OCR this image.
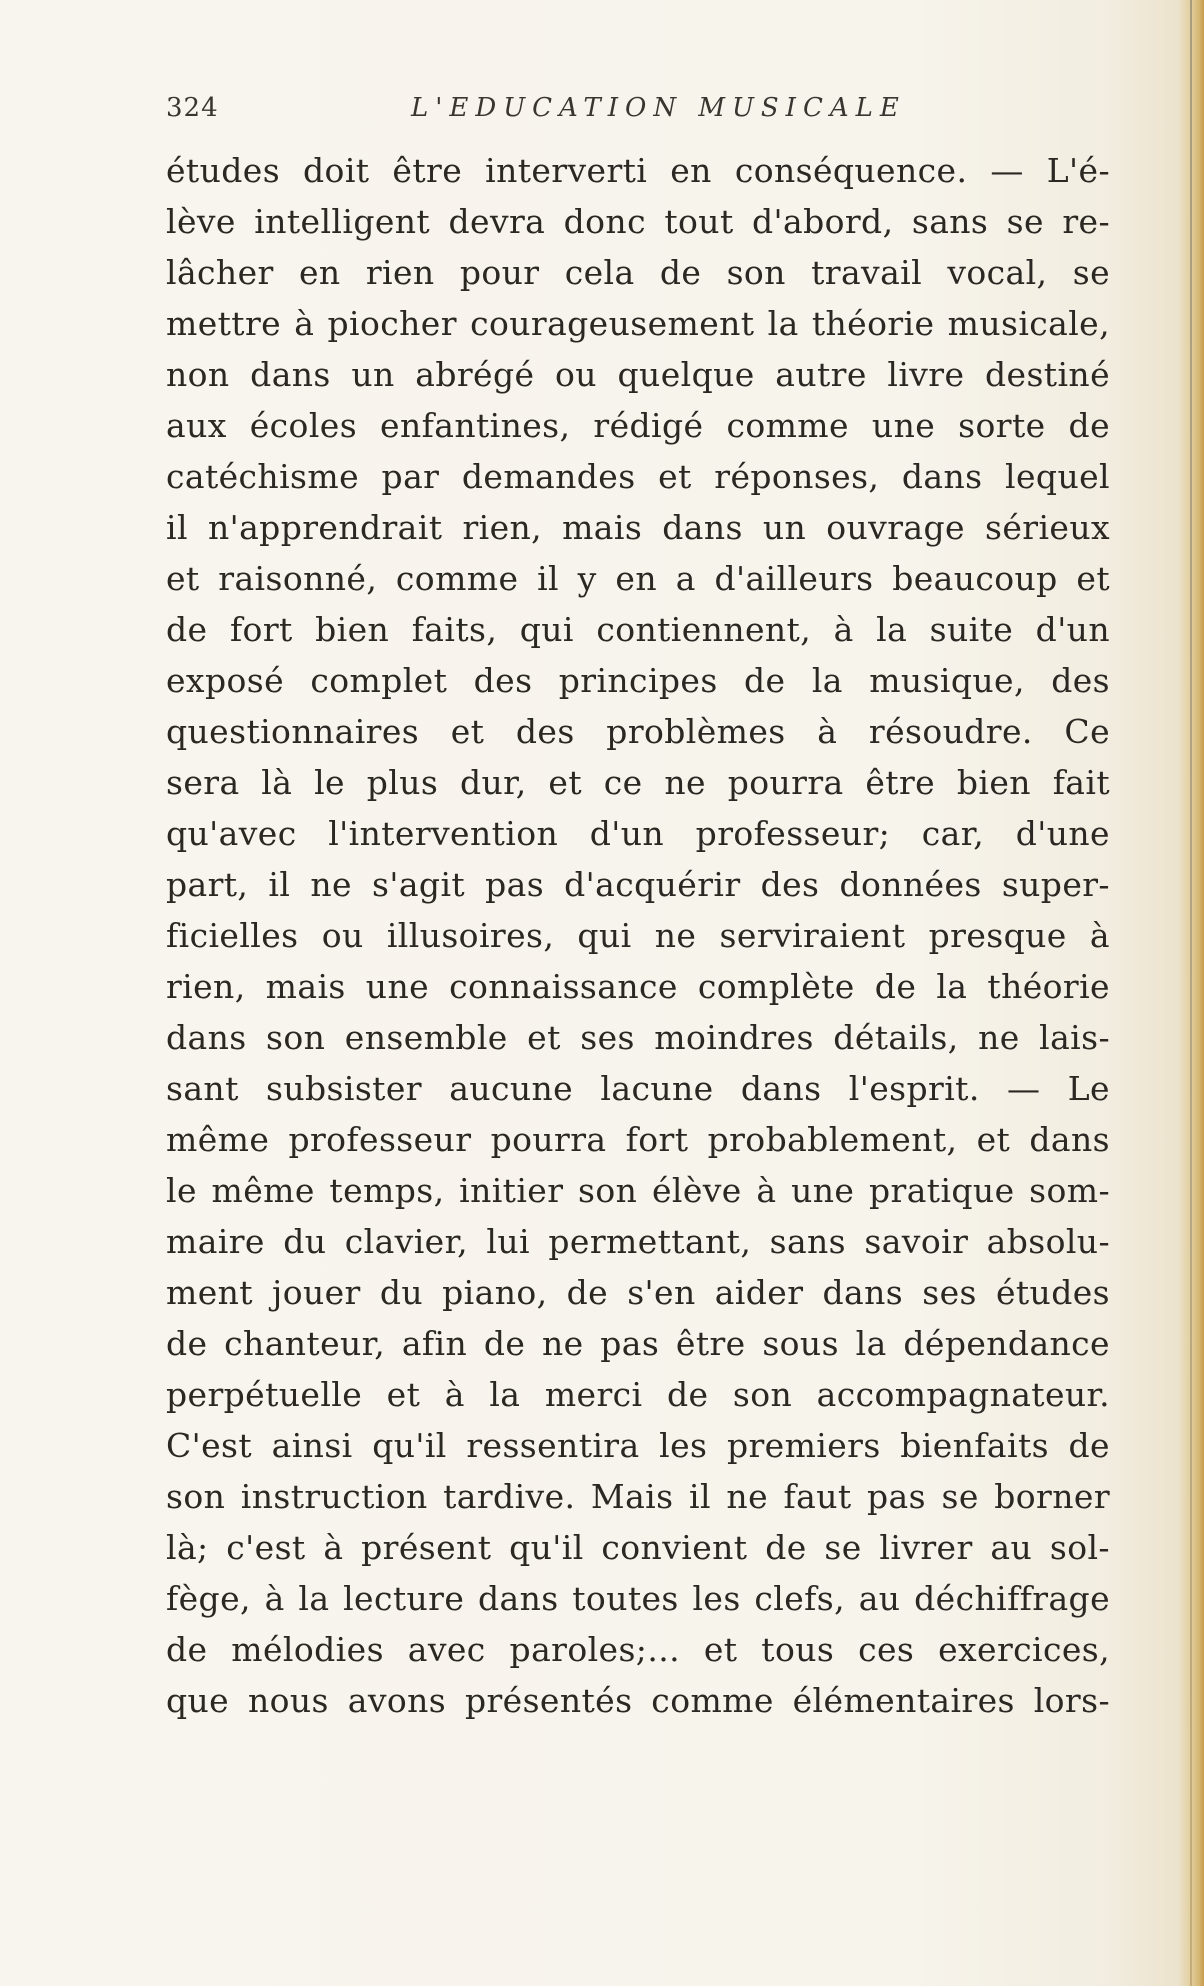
324	L'EDUCATION MUSICALE
études doit être interverti en conséquence. — L'é-
lève intelligent devra donc tout d'abord, sans se re-
lâcher en rien pour cela de son travail vocal, se
mettre à piocher courageusement la théorie musicale,
non dans un abrégé ou quelque autre livre destiné
aux écoles enfantines, rédigé comme une sorte de
catéchisme par demandes et réponses, dans lequel
il n'apprendrait rien, mais dans un ouvrage sérieux
et raisonné, comme il y en a d'ailleurs beaucoup et
de fort bien faits, qui contiennent, à la suite d'un
exposé complet des principes de la musique, des
questionnaires et des problèmes à résoudre. Ce
sera là le plus dur, et ce ne pourra être bien fait
qu'avec l'intervention d'un professeur; car, d'une
part, il ne s'agit pas d'acquérir des données super-
ficielles ou illusoires, qui ne serviraient presque à
rien, mais une connaissance complète de la théorie
dans son ensemble et ses moindres détails, ne lais-
sant subsister aucune lacune dans l'esprit. — Le
même professeur pourra fort probablement, et dans
le même temps, initier son élève à une pratique som-
maire du clavier, lui permettant, sans savoir absolu-
ment jouer du piano, de s'en aider dans ses études
de chanteur, afin de ne pas être sous la dépendance
perpétuelle et à la merci de son accompagnateur.
C'est ainsi qu'il ressentira les premiers bienfaits de
son instruction tardive. Mais il ne faut pas se borner
là; c'est à présent qu'il convient de se livrer au sol-
fège, à la lecture dans toutes les clefs, au déchiffrage
de mélodies avec paroles;... et tous ces exercices,
que nous avons présentés comme élémentaires lors-
